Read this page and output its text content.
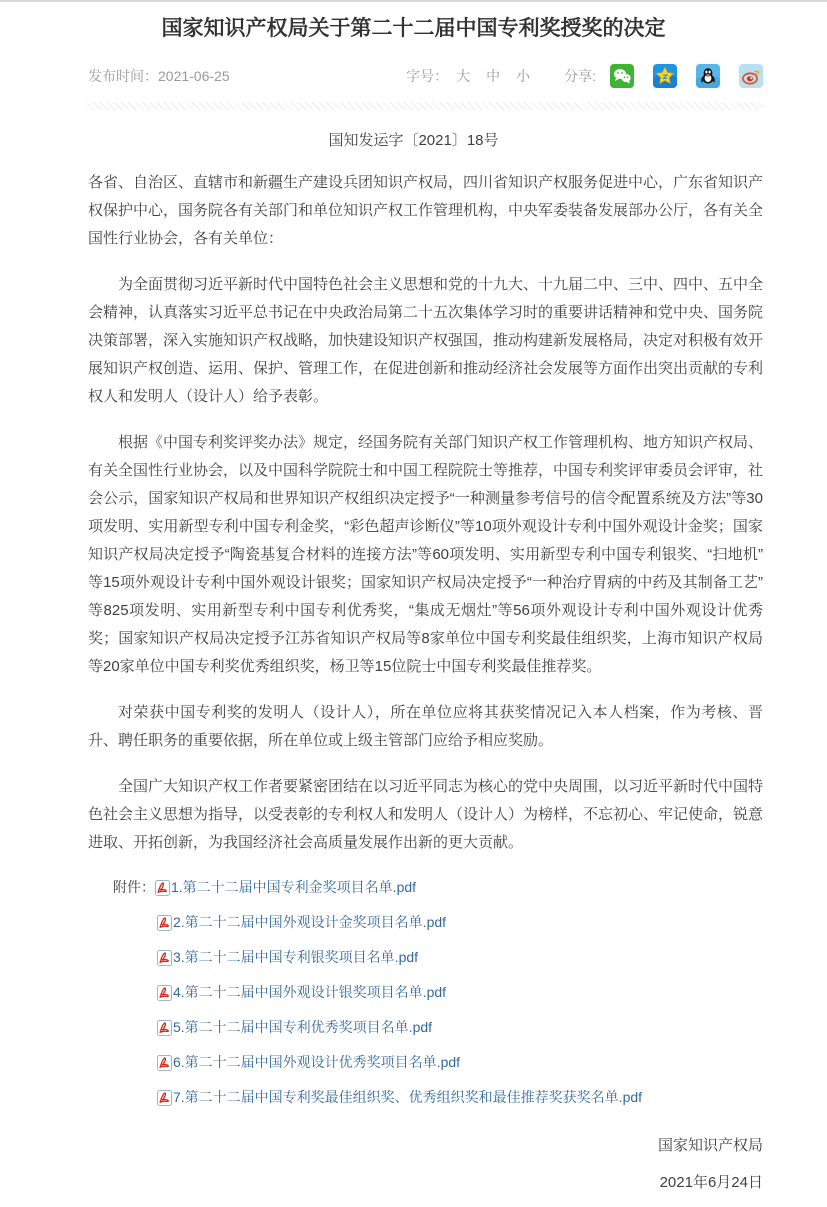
国家知识产权局关于第二十二届中国专利奖授奖的决定
发布时间： 2021-06-25	字号： 大 中 小 分享:
国知发运字〔2021〕18号

各省、自治区、直辖市和新疆生产建设兵团知识产权局，四川省知识产权服务促进中心，广东省知识产权保护中心，国务院各有关部门和单位知识产权工作管理机构，中央军委装备发展部办公厅，各有关全国性行业协会，各有关单位：

为全面贯彻习近平新时代中国特色社会主义思想和党的十九大、十九届二中、三中、四中、五中全会精神，认真落实习近平总书记在中央政治局第二十五次集体学习时的重要讲话精神和党中央、国务院决策部署，深入实施知识产权战略，加快建设知识产权强国，推动构建新发展格局，决定对积极有效开展知识产权创造、运用、保护、管理工作，在促进创新和推动经济社会发展等方面作出突出贡献的专利权人和发明人（设计人）给予表彰。

根据《中国专利奖评奖办法》规定，经国务院有关部门知识产权工作管理机构、地方知识产权局、有关全国性行业协会，以及中国科学院院士和中国工程院院士等推荐，中国专利奖评审委员会评审，社会公示，国家知识产权局和世界知识产权组织决定授予“一种测量参考信号的信令配置系统及方法”等30项发明、实用新型专利中国专利金奖，“彩色超声诊断仪”等10项外观设计专利中国外观设计金奖；国家知识产权局决定授予“陶瓷基复合材料的连接方法”等60项发明、实用新型专利中国专利银奖、“扫地机”等15项外观设计专利中国外观设计银奖；国家知识产权局决定授予“一种治疗胃病的中药及其制备工艺”等825项发明、实用新型专利中国专利优秀奖，“集成无烟灶”等56项外观设计专利中国外观设计优秀奖；国家知识产权局决定授予江苏省知识产权局等8家单位中国专利奖最佳组织奖，上海市知识产权局等20家单位中国专利奖优秀组织奖，杨卫等15位院士中国专利奖最佳推荐奖。

对荣获中国专利奖的发明人（设计人），所在单位应将其获奖情况记入本人档案，作为考核、晋升、聘任职务的重要依据，所在单位或上级主管部门应给予相应奖励。

全国广大知识产权工作者要紧密团结在以习近平同志为核心的党中央周围，以习近平新时代中国特色社会主义思想为指导，以受表彰的专利权人和发明人（设计人）为榜样，不忘初心、牢记使命，锐意进取、开拓创新，为我国经济社会高质量发展作出新的更大贡献。

附件： 1.第二十二届中国专利金奖项目名单.pdf
2.第二十二届中国外观设计金奖项目名单.pdf
3.第二十二届中国专利银奖项目名单.pdf
4.第二十二届中国外观设计银奖项目名单.pdf
5.第二十二届中国专利优秀奖项目名单.pdf
6.第二十二届中国外观设计优秀奖项目名单.pdf
7.第二十二届中国专利奖最佳组织奖、优秀组织奖和最佳推荐奖获奖名单.pdf
国家知识产权局
2021年6月24日
